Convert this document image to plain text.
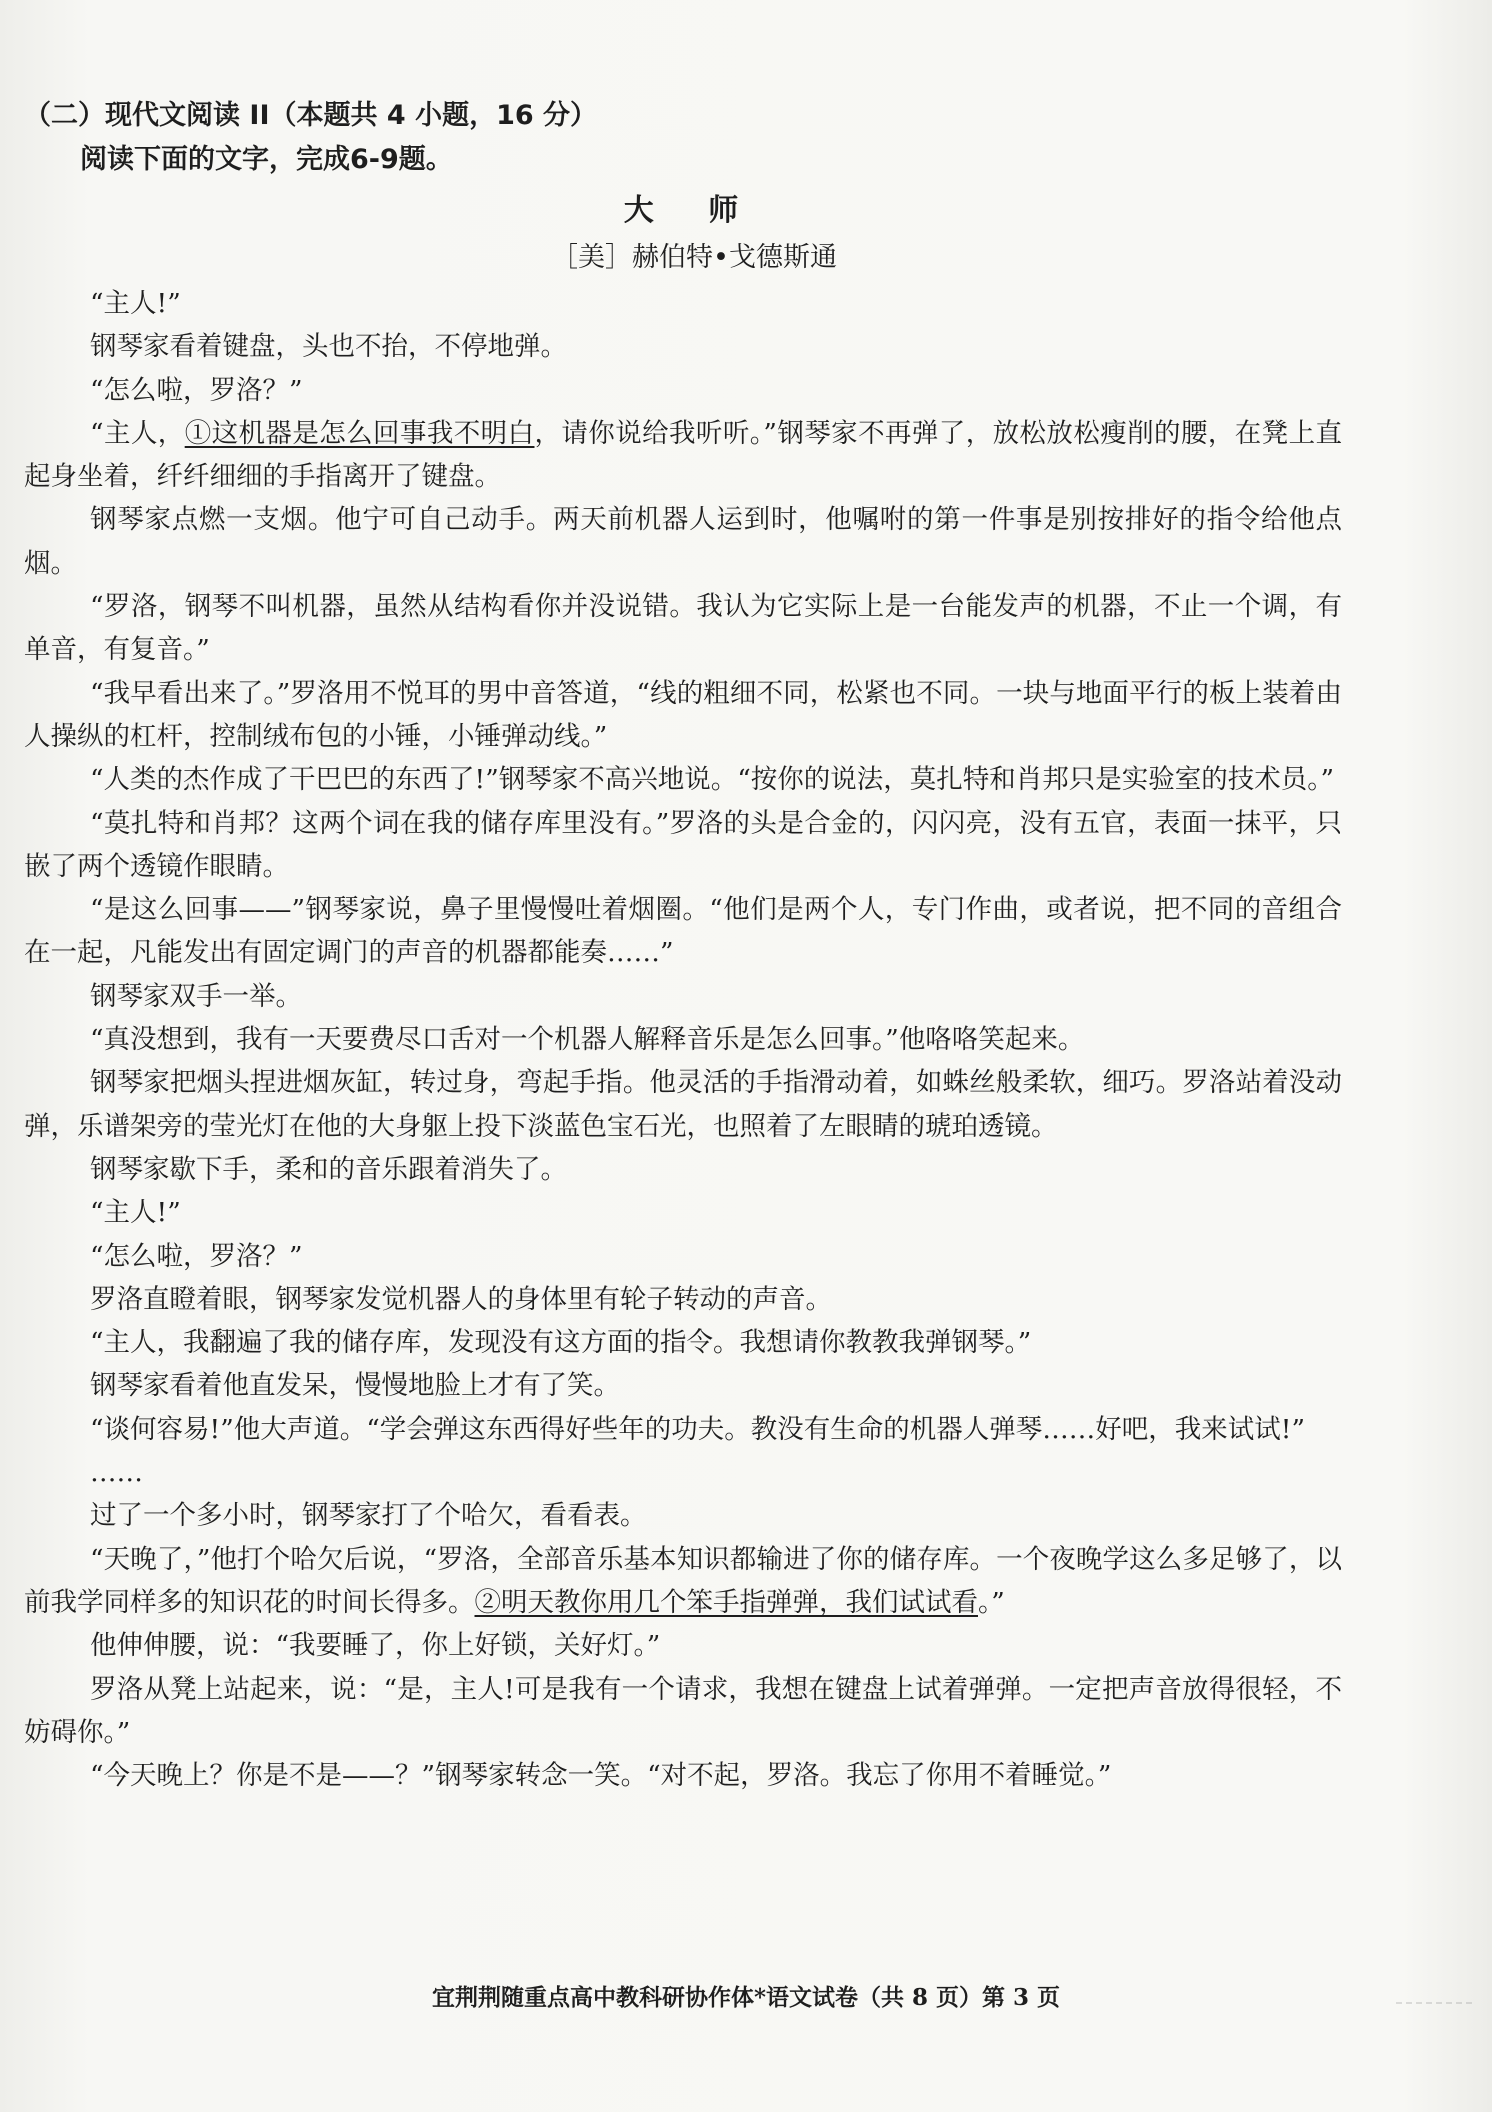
（二）现代文阅读 II（本题共 4 小题，16 分）

阅读下面的文字，完成6-9题。

大 师

［美］赫伯特•戈德斯通

“主人!”

钢琴家看着键盘，头也不抬，不停地弹。

“怎么啦，罗洛？”

“主人，①这机器是怎么回事我不明白，请你说给我听听。”钢琴家不再弹了，放松放松瘦削的腰，在凳上直起身坐着，纤纤细细的手指离开了键盘。

钢琴家点燃一支烟。他宁可自己动手。两天前机器人运到时，他嘱咐的第一件事是别按排好的指令给他点烟。

“罗洛，钢琴不叫机器，虽然从结构看你并没说错。我认为它实际上是一台能发声的机器，不止一个调，有单音，有复音。”

“我早看出来了。”罗洛用不悦耳的男中音答道，“线的粗细不同，松紧也不同。一块与地面平行的板上装着由人操纵的杠杆，控制绒布包的小锤，小锤弹动线。”

“人类的杰作成了干巴巴的东西了!”钢琴家不高兴地说。“按你的说法，莫扎特和肖邦只是实验室的技术员。”

“莫扎特和肖邦？这两个词在我的储存库里没有。”罗洛的头是合金的，闪闪亮，没有五官，表面一抹平，只嵌了两个透镜作眼睛。

“是这么回事——”钢琴家说，鼻子里慢慢吐着烟圈。“他们是两个人，专门作曲，或者说，把不同的音组合在一起，凡能发出有固定调门的声音的机器都能奏……”

钢琴家双手一举。

“真没想到，我有一天要费尽口舌对一个机器人解释音乐是怎么回事。”他咯咯笑起来。

钢琴家把烟头捏进烟灰缸，转过身，弯起手指。他灵活的手指滑动着，如蛛丝般柔软，细巧。罗洛站着没动弹，乐谱架旁的莹光灯在他的大身躯上投下淡蓝色宝石光，也照着了左眼睛的琥珀透镜。

钢琴家歇下手，柔和的音乐跟着消失了。

“主人!”

“怎么啦，罗洛？”

罗洛直瞪着眼，钢琴家发觉机器人的身体里有轮子转动的声音。

“主人，我翻遍了我的储存库，发现没有这方面的指令。我想请你教教我弹钢琴。”

钢琴家看着他直发呆，慢慢地脸上才有了笑。

“谈何容易!”他大声道。“学会弹这东西得好些年的功夫。教没有生命的机器人弹琴……好吧，我来试试!”

……

过了一个多小时，钢琴家打了个哈欠，看看表。

“天晚了，”他打个哈欠后说，“罗洛，全部音乐基本知识都输进了你的储存库。一个夜晚学这么多足够了，以前我学同样多的知识花的时间长得多。②明天教你用几个笨手指弹弹，我们试试看。”

他伸伸腰，说：“我要睡了，你上好锁，关好灯。”

罗洛从凳上站起来，说：“是，主人!可是我有一个请求，我想在键盘上试着弹弹。一定把声音放得很轻，不妨碍你。”

“今天晚上？你是不是——？”钢琴家转念一笑。“对不起，罗洛。我忘了你用不着睡觉。”

宜荆荆随重点高中教科研协作体*语文试卷（共 8 页）第 3 页
